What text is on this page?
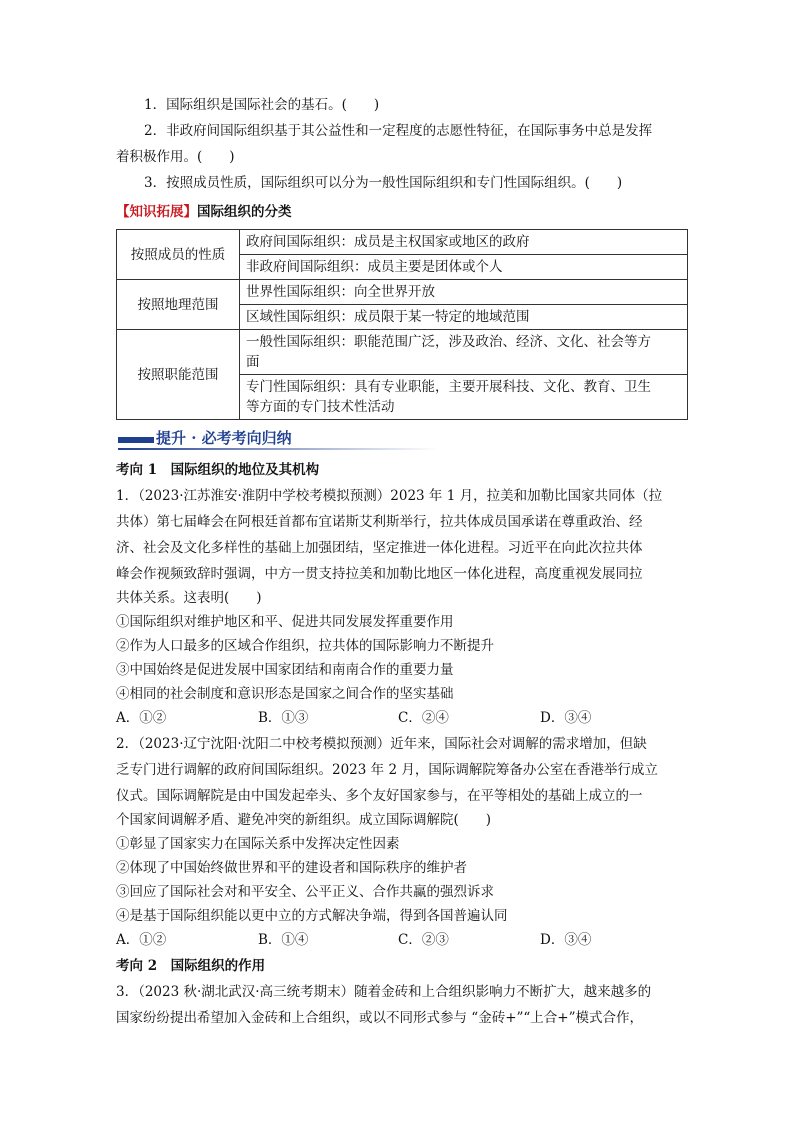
1．国际组织是国际社会的基石。(　　)
2．非政府间国际组织基于其公益性和一定程度的志愿性特征，在国际事务中总是发挥
着积极作用。(　　)
3．按照成员性质，国际组织可以分为一般性国际组织和专门性国际组织。(　　)
【知识拓展】国际组织的分类
按照成员的性质	政府间国际组织：成员是主权国家或地区的政府
	非政府间国际组织：成员主要是团体或个人
按照地理范围	世界性国际组织：向全世界开放
	区域性国际组织：成员限于某一特定的地域范围
按照职能范围	一般性国际组织：职能范围广泛，涉及政治、经济、文化、社会等方
面

	专门性国际组织：具有专业职能，主要开展科技、文化、教育、卫生
等方面的专门技术性活动
提升 · 必考考向归纳
考向 1　国际组织的地位及其机构
1．（2023·江苏淮安·淮阴中学校考模拟预测）2023 年 1 月，拉美和加勒比国家共同体（拉
共体）第七届峰会在阿根廷首都布宜诺斯艾利斯举行，拉共体成员国承诺在尊重政治、经
济、社会及文化多样性的基础上加强团结，坚定推进一体化进程。习近平在向此次拉共体
峰会作视频致辞时强调，中方一贯支持拉美和加勒比地区一体化进程，高度重视发展同拉
共体关系。这表明(　　)
①国际组织对维护地区和平、促进共同发展发挥重要作用
②作为人口最多的区域合作组织，拉共体的国际影响力不断提升
③中国始终是促进发展中国家团结和南南合作的重要力量
④相同的社会制度和意识形态是国家之间合作的坚实基础
A．①②	B．①③	C．②④	D．③④
2．（2023·辽宁沈阳·沈阳二中校考模拟预测）近年来，国际社会对调解的需求增加，但缺
乏专门进行调解的政府间国际组织。2023 年 2 月，国际调解院筹备办公室在香港举行成立
仪式。国际调解院是由中国发起牵头、多个友好国家参与，在平等相处的基础上成立的一
个国家间调解矛盾、避免冲突的新组织。成立国际调解院(　　)
①彰显了国家实力在国际关系中发挥决定性因素
②体现了中国始终做世界和平的建设者和国际秩序的维护者
③回应了国际社会对和平安全、公平正义、合作共赢的强烈诉求
④是基于国际组织能以更中立的方式解决争端，得到各国普遍认同
A．①②	B．①④	C．②③	D．③④
考向 2　国际组织的作用
3．（2023 秋·湖北武汉·高三统考期末）随着金砖和上合组织影响力不断扩大，越来越多的
国家纷纷提出希望加入金砖和上合组织，或以不同形式参与 “金砖+”“上合+”模式合作，
